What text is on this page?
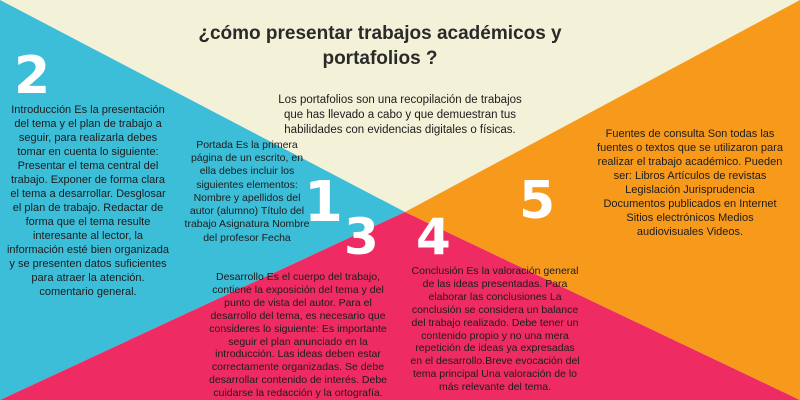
¿cómo presentar trabajos académicos y portafolios ?
Los portafolios son una recopilación de trabajos que has llevado a cabo y que demuestran tus habilidades con evidencias digitales o físicas.
2
Introducción Es la presentación del tema y el plan de trabajo a seguir, para realizarla debes tomar en cuenta lo siguiente: Presentar el tema central del trabajo. Exponer de forma clara el tema a desarrollar. Desglosar el plan de trabajo. Redactar de forma que el tema resulte interesante al lector, la información esté bien organizada y se presenten datos suficientes para atraer la atención. comentario general.
Portada Es la primera página de un escrito, en ella debes incluir los siguientes elementos: Nombre y apellidos del autor (alumno) Título del trabajo Asignatura Nombre del profesor Fecha
1
3 4
Desarrollo Es el cuerpo del trabajo, contiene la exposición del tema y del punto de vista del autor. Para el desarrollo del tema, es necesario que consideres lo siguiente: Es importante seguir el plan anunciado en la introducción. Las ideas deben estar correctamente organizadas. Se debe desarrollar contenido de interés. Debe cuidarse la redacción y la ortografía.
Conclusión Es la valoración general de las ideas presentadas. Para elaborar las conclusiones La conclusión se considera un balance del trabajo realizado. Debe tener un contenido propio y no una mera repetición de ideas ya expresadas en el desarrollo.Breve evocación del tema principal Una valoración de lo más relevante del tema.
5
Fuentes de consulta Son todas las fuentes o textos que se utilizaron para realizar el trabajo académico. Pueden ser: Libros Artículos de revistas Legislación Jurisprudencia Documentos publicados en Internet Sitios electrónicos Medios audiovisuales Videos.
